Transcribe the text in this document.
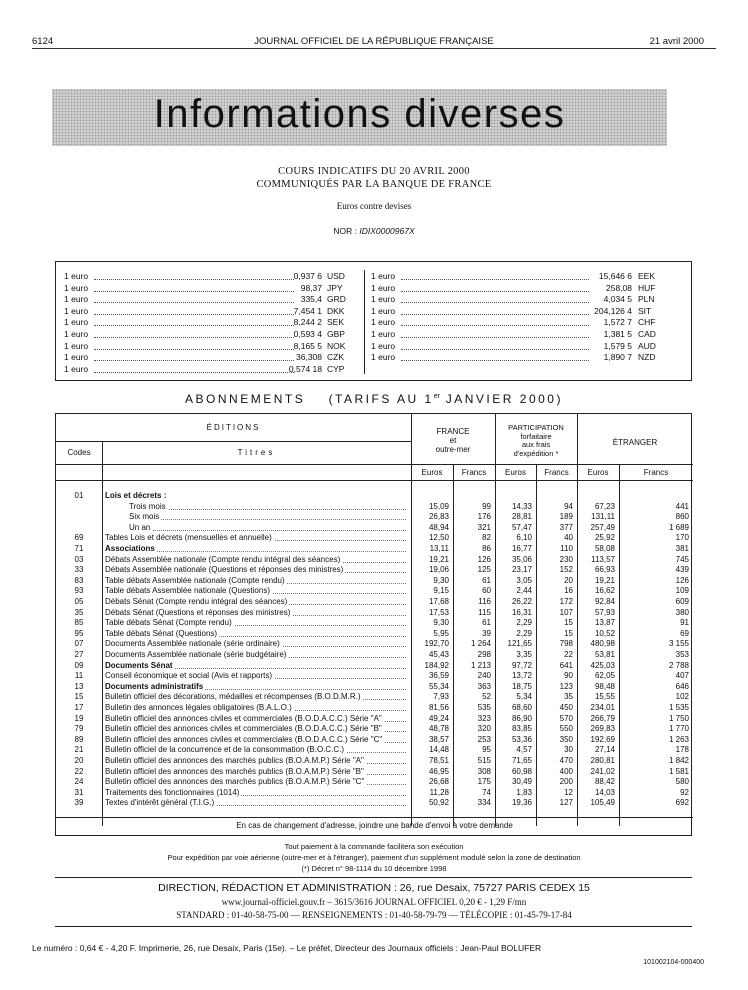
6124	JOURNAL OFFICIEL DE LA RÉPUBLIQUE FRANÇAISE	21 avril 2000
Informations diverses
COURS INDICATIFS DU 20 AVRIL 2000
COMMUNIQUÉS PAR LA BANQUE DE FRANCE
Euros contre devises
NOR : IDIX0000967X
1 euro	0,937 6 USD
1 euro	98,37 JPY
1 euro	335,4 GRD
1 euro	7,454 1 DKK
1 euro	8,244 2 SEK
1 euro	0,593 4 GBP
1 euro	8,165 5 NOK
1 euro	36,308 CZK
1 euro	0,574 18 CYP
1 euro	15,646 6 EEK
1 euro	258,08 HUF
1 euro	4,034 5 PLN
1 euro	204,126 4 SIT
1 euro	1,572 7 CHF
1 euro	1,381 5 CAD
1 euro	1,579 5 AUD
1 euro	1,890 7 NZD
ABONNEMENTS (TARIFS AU 1er JANVIER 2000)
ÉDITIONS
Codes	Titres
FRANCE
et
outre-mer
PARTICIPATION
forfaitaire
aux frais
d'expédition *
ÉTRANGER
Euros	Francs	Euros	Francs	Euros	Francs
01	Lois et décrets :
Trois mois	15,09	99	14,33	94	67,23	441
Six mois	26,83	176	28,81	189	131,11	860
Un an	48,94	321	57,47	377	257,49	1 689
69	Tables Lois et décrets (mensuelles et annuelle)	12,50	82	6,10	40	25,92	170
71	Associations	13,11	86	16,77	110	58,08	381
03	Débats Assemblée nationale (Compte rendu intégral des séances)	19,21	126	35,06	230	113,57	745
33	Débats Assemblée nationale (Questions et réponses des ministres)	19,06	125	23,17	152	66,93	439
83	Table débats Assemblée nationale (Compte rendu)	9,30	61	3,05	20	19,21	126
93	Table débats Assemblée nationale (Questions)	9,15	60	2,44	16	16,62	109
05	Débats Sénat (Compte rendu intégral des séances)	17,68	116	26,22	172	92,84	609
35	Débats Sénat (Questions et réponses des ministres)	17,53	115	16,31	107	57,93	380
85	Table débats Sénat (Compte rendu)	9,30	61	2,29	15	13,87	91
95	Table débats Sénat (Questions)	5,95	39	2,29	15	10,52	69
07	Documents Assemblée nationale (série ordinaire)	192,70	1 264	121,65	798	480,98	3 155
27	Documents Assemblée nationale (série budgétaire)	45,43	298	3,35	22	53,81	353
09	Documents Sénat	184,92	1 213	97,72	641	425,03	2 788
11	Conseil économique et social (Avis et rapports)	36,59	240	13,72	90	62,05	407
13	Documents administratifs	55,34	363	18,75	123	98,48	646
15	Bulletin officiel des décorations, médailles et récompenses (B.O.D.M.R.)	7,93	52	5,34	35	15,55	102
17	Bulletin des annonces légales obligatoires (B.A.L.O.)	81,56	535	68,60	450	234,01	1 535
19	Bulletin officiel des annonces civiles et commerciales (B.O.D.A.C.C.) Série "A"	49,24	323	86,90	570	266,79	1 750
79	Bulletin officiel des annonces civiles et commerciales (B.O.D.A.C.C.) Série "B"	48,78	320	83,85	550	269,83	1 770
89	Bulletin officiel des annonces civiles et commerciales (B.O.D.A.C.C.) Série "C"	38,57	253	53,36	350	192,69	1 263
21	Bulletin officiel de la concurrence et de la consommation (B.O.C.C.)	14,48	95	4,57	30	27,14	178
20	Bulletin officiel des annonces des marchés publics (B.O.A.M.P.) Série "A"	78,51	515	71,65	470	280,81	1 842
22	Bulletin officiel des annonces des marchés publics (B.O.A.M.P.) Série "B"	46,95	308	60,98	400	241,02	1 581
24	Bulletin officiel des annonces des marchés publics (B.O.A.M.P.) Série "C"	26,68	175	30,49	200	88,42	580
31	Traitements des fonctionnaires (1014)	11,28	74	1,83	12	14,03	92
39	Textes d'intérêt général (T.I.G.)	50,92	334	19,36	127	105,49	692
En cas de changement d'adresse, joindre une bande d'envoi à votre demande
Tout paiement à la commande facilitera son exécution
Pour expédition par voie aérienne (outre-mer et à l'étranger), paiement d'un supplément modulé selon la zone de destination
(*) Décret n° 98-1114 du 10 décembre 1998
DIRECTION, RÉDACTION ET ADMINISTRATION : 26, rue Desaix, 75727 PARIS CEDEX 15
www.journal-officiel.gouv.fr – 3615/3616 JOURNAL OFFICIEL 0,20 € - 1,29 F/mn
STANDARD : 01-40-58-75-00 — RENSEIGNEMENTS : 01-40-58-79-79 — TÉLÉCOPIE : 01-45-79-17-84
Le numéro : 0,64 € - 4,20 F. Imprimerie, 26, rue Desaix, Paris (15e). – Le préfet, Directeur des Journaux officiels : Jean-Paul BOLUFER
101002104-000400
